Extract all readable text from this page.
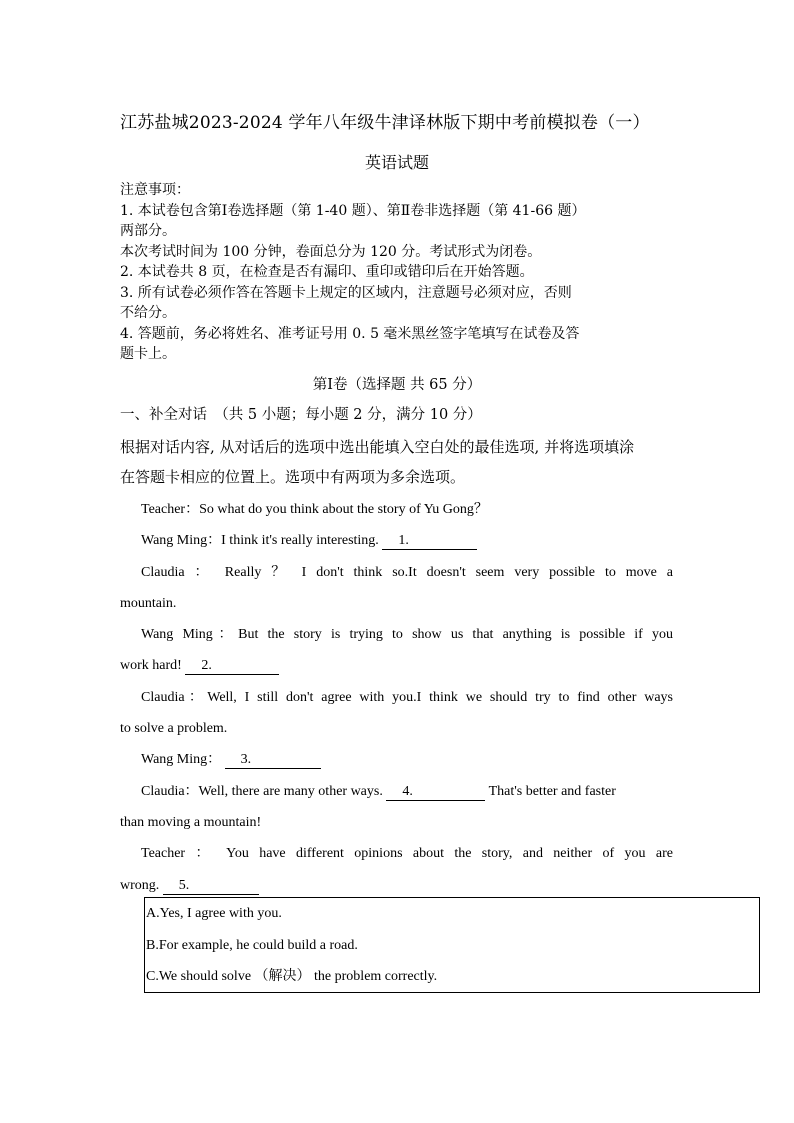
江苏盐城2023-2024 学年八年级牛津译林版下期中考前模拟卷（一）
英语试题
注意事项：
1. 本试卷包含第Ⅰ卷选择题（第 1-40 题）、第Ⅱ卷非选择题（第 41-66 题）
两部分。
本次考试时间为 100 分钟，卷面总分为 120 分。考试形式为闭卷。
2. 本试卷共 8 页，在检查是否有漏印、重印或错印后在开始答题。
3. 所有试卷必须作答在答题卡上规定的区域内，注意题号必须对应，否则
不给分。
4. 答题前，务必将姓名、准考证号用 0. 5 毫米黑丝签字笔填写在试卷及答
题卡上。
第Ⅰ卷（选择题 共 65 分）
一、补全对话　（共 5 小题；每小题 2 分，满分 10 分）
根据对话内容, 从对话后的选项中选出能填入空白处的最佳选项, 并将选项填涂
在答题卡相应的位置上。选项中有两项为多余选项。
Teacher：So what do you think about the story of Yu Gong？
Wang Ming：I think it's really interesting. 1.
Claudia ： Really ？ I don't think so.It doesn't seem very possible to move a
mountain.
Wang Ming：But the story is trying to show us that anything is possible if you
work hard! 2.
Claudia：Well, I still don't agree with you.I think we should try to find other ways
to solve a problem.
Wang Ming： 3.
Claudia：Well, there are many other ways. 4.	That's better and faster
than moving a mountain!
Teacher ： You have different opinions about the story, and neither of you are
wrong. 5.
A.Yes, I agree with you.
B.For example, he could build a road.
C.We should solve （解决） the problem correctly.
